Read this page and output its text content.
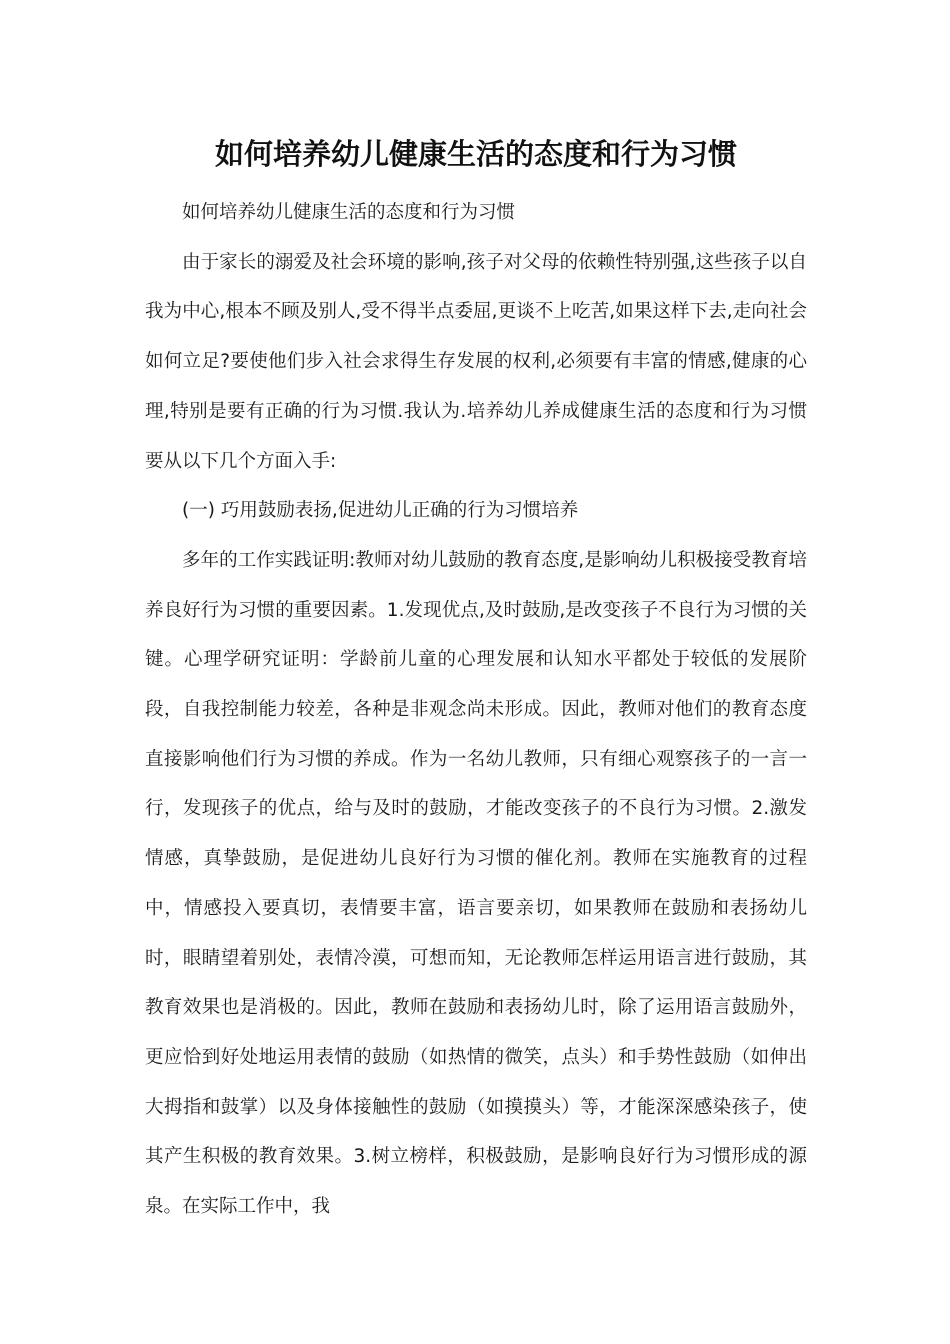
如何培养幼儿健康生活的态度和行为习惯

如何培养幼儿健康生活的态度和行为习惯

由于家长的溺爱及社会环境的影响,孩子对父母的依赖性特别强,这些孩子以自我为中心,根本不顾及别人,受不得半点委屈,更谈不上吃苦,如果这样下去,走向社会如何立足?要使他们步入社会求得生存发展的权利,必须要有丰富的情感,健康的心理,特别是要有正确的行为习惯.我认为.培养幼儿养成健康生活的态度和行为习惯要从以下几个方面入手:

(一) 巧用鼓励表扬,促进幼儿正确的行为习惯培养

多年的工作实践证明:教师对幼儿鼓励的教育态度,是影响幼儿积极接受教育培养良好行为习惯的重要因素。1.发现优点,及时鼓励,是改变孩子不良行为习惯的关键。心理学研究证明：学龄前儿童的心理发展和认知水平都处于较低的发展阶段，自我控制能力较差，各种是非观念尚未形成。因此，教师对他们的教育态度直接影响他们行为习惯的养成。作为一名幼儿教师，只有细心观察孩子的一言一行，发现孩子的优点，给与及时的鼓励，才能改变孩子的不良行为习惯。2.激发情感，真挚鼓励，是促进幼儿良好行为习惯的催化剂。教师在实施教育的过程中，情感投入要真切，表情要丰富，语言要亲切，如果教师在鼓励和表扬幼儿时，眼睛望着别处，表情冷漠，可想而知，无论教师怎样运用语言进行鼓励，其教育效果也是消极的。因此，教师在鼓励和表扬幼儿时，除了运用语言鼓励外，更应恰到好处地运用表情的鼓励（如热情的微笑，点头）和手势性鼓励（如伸出大拇指和鼓掌）以及身体接触性的鼓励（如摸摸头）等，才能深深感染孩子，使其产生积极的教育效果。3.树立榜样，积极鼓励，是影响良好行为习惯形成的源泉。在实际工作中，我
